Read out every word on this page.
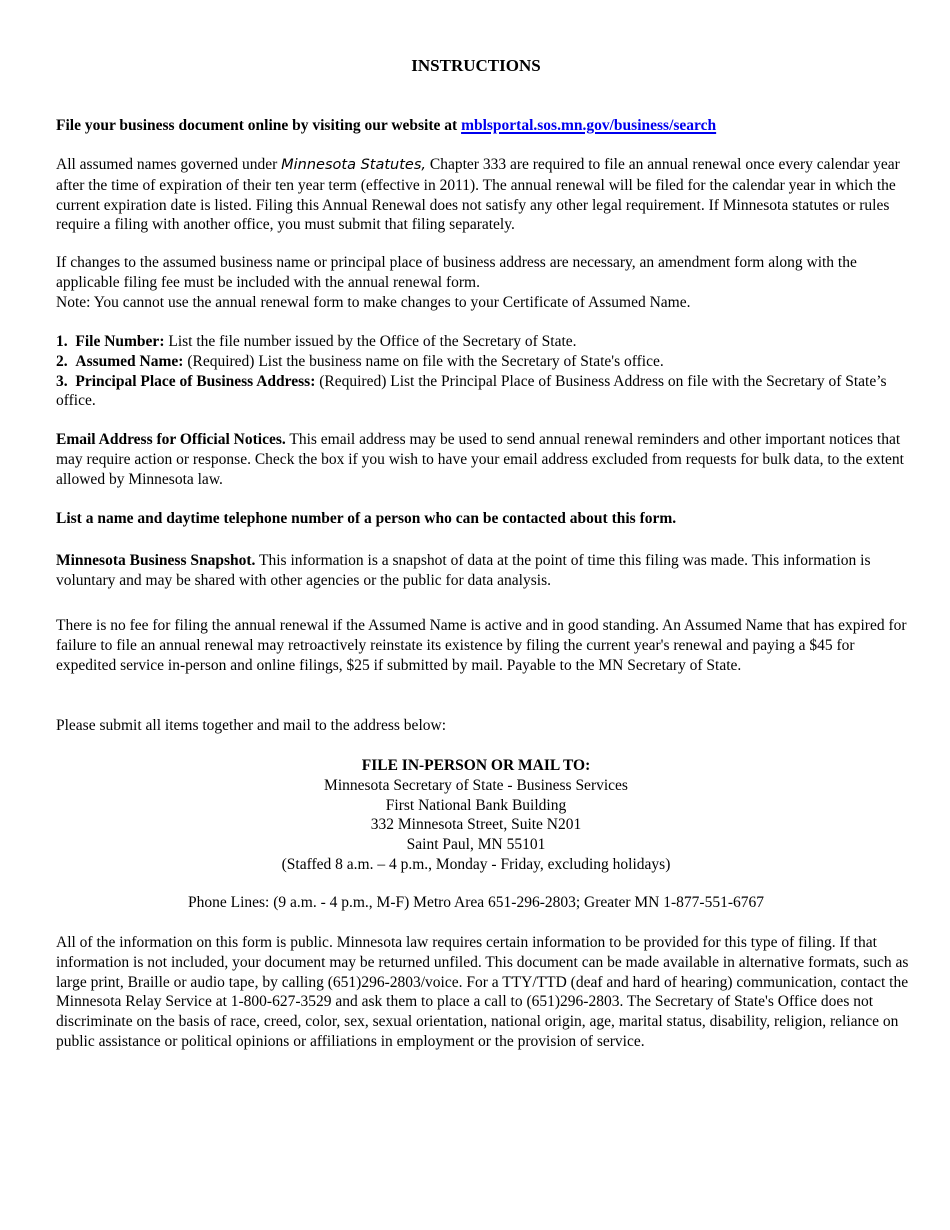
INSTRUCTIONS

File your business document online by visiting our website at mblsportal.sos.mn.gov/business/search

All assumed names governed under Minnesota Statutes, Chapter 333 are required to file an annual renewal once every calendar year after the time of expiration of their ten year term (effective in 2011). The annual renewal will be filed for the calendar year in which the current expiration date is listed. Filing this Annual Renewal does not satisfy any other legal requirement. If Minnesota statutes or rules require a filing with another office, you must submit that filing separately.

If changes to the assumed business name or principal place of business address are necessary, an amendment form along with the applicable filing fee must be included with the annual renewal form.
Note: You cannot use the annual renewal form to make changes to your Certificate of Assumed Name.
1. File Number: List the file number issued by the Office of the Secretary of State.
2. Assumed Name: (Required) List the business name on file with the Secretary of State's office.
3. Principal Place of Business Address: (Required) List the Principal Place of Business Address on file with the Secretary of State’s office.

Email Address for Official Notices. This email address may be used to send annual renewal reminders and other important notices that may require action or response. Check the box if you wish to have your email address excluded from requests for bulk data, to the extent allowed by Minnesota law.

List a name and daytime telephone number of a person who can be contacted about this form.

Minnesota Business Snapshot. This information is a snapshot of data at the point of time this filing was made. This information is voluntary and may be shared with other agencies or the public for data analysis.

There is no fee for filing the annual renewal if the Assumed Name is active and in good standing. An Assumed Name that has expired for failure to file an annual renewal may retroactively reinstate its existence by filing the current year's renewal and paying a $45 for expedited service in-person and online filings, $25 if submitted by mail. Payable to the MN Secretary of State.

Please submit all items together and mail to the address below:

FILE IN-PERSON OR MAIL TO:
Minnesota Secretary of State - Business Services
First National Bank Building
332 Minnesota Street, Suite N201
Saint Paul, MN 55101
(Staffed 8 a.m. – 4 p.m., Monday - Friday, excluding holidays)

Phone Lines: (9 a.m. - 4 p.m., M-F) Metro Area 651-296-2803; Greater MN 1-877-551-6767

All of the information on this form is public. Minnesota law requires certain information to be provided for this type of filing. If that information is not included, your document may be returned unfiled. This document can be made available in alternative formats, such as large print, Braille or audio tape, by calling (651)296-2803/voice. For a TTY/TTD (deaf and hard of hearing) communication, contact the Minnesota Relay Service at 1-800-627-3529 and ask them to place a call to (651)296-2803. The Secretary of State's Office does not discriminate on the basis of race, creed, color, sex, sexual orientation, national origin, age, marital status, disability, religion, reliance on public assistance or political opinions or affiliations in employment or the provision of service.
